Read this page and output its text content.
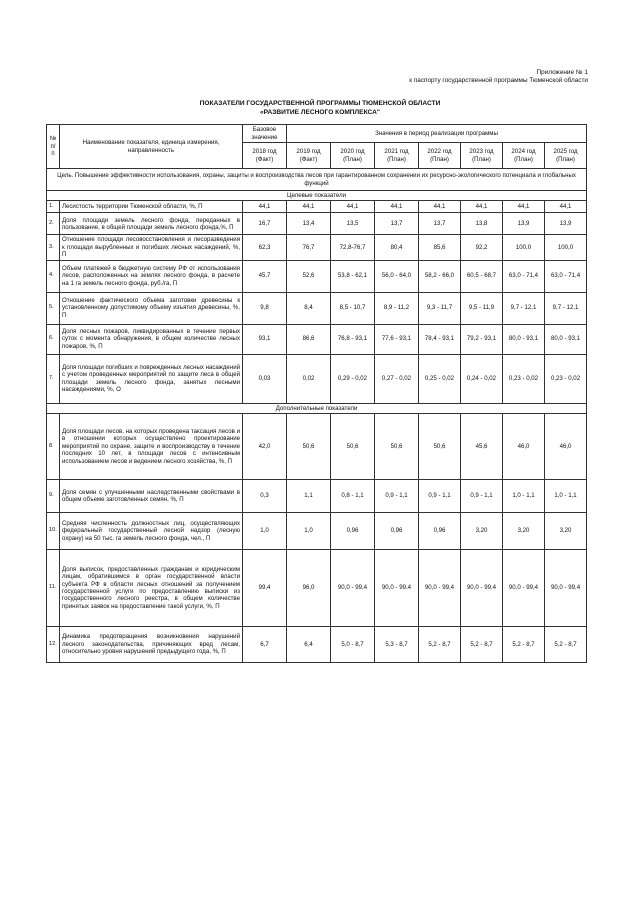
Приложение № 1
к паспорту государственной программы Тюменской области
ПОКАЗАТЕЛИ ГОСУДАРСТВЕННОЙ ПРОГРАММЫ ТЮМЕНСКОЙ ОБЛАСТИ
«РАЗВИТИЕ ЛЕСНОГО КОМПЛЕКСА"
№ п/п	Наименование показателя, единица измерения, направленность	Базовое значение	Значения в период реализации программы						
		2018 год (Факт)	2019 год (Факт)	2020 год (План)	2021 год (План)	2022 год (План)	2023 год (План)	2024 год (План)	2025 год (План)
Цель. Повышение эффективности использования, охраны, защиты и воспроизводства лесов при гарантированном сохранении их ресурсно-экологического потенциала и глобальных функций									
Целевые показатели									
1.	Лесистость территории Тюменской области, %, П	44,1	44,1	44,1	44,1	44,1	44,1	44,1	44,1
2.	Доля площади земель лесного фонда, переданных в пользование, в общей площади земель лесного фонда,%, П	16,7	13,4	13,5	13,7	13,7	13,8	13,9	13,9
3.	Отношение площади лесовосстановления и лесоразведения к площади вырубленных и погибших лесных насаждений, %, П	62,3	76,7	72,8-76,7	80,4	85,6	92,2	100,0	100,0
4.	Объем платежей в бюджетную систему РФ от использования лесов, расположенных на землях лесного фонда, в расчете на 1 га земель лесного фонда, руб./га, П	45,7	52,6	53,8 - 62,1	56,0 - 64,0	58,2 - 66,0	60,5 - 68,7	63,0 - 71,4	63,0 - 71,4
5.	Отношение фактического объема заготовки древесины к установленному допустимому объему изъятия древесины, %, П	9,8	8,4	8,5 - 10,7	8,9 - 11,2	9,3 - 11,7	9,5 - 11,9	9,7 - 12,1	9,7 - 12,1
6.	Доля лесных пожаров, ликвидированных в течение первых суток с момента обнаружения, в общем количестве лесных пожаров, %, П	93,1	86,6	76,8 - 93,1	77,6 - 93,1	78,4 - 93,1	79,2 - 93,1	80,0 - 93,1	80,0 - 93,1
7.	Доля площади погибших и поврежденных лесных насаждений с учетом проведенных мероприятий по защите леса в общей площади земель лесного фонда, занятых лесными насаждениями, %, О	0,03	0,02	0,29 - 0,02	0,27 - 0,02	0,25 - 0,02	0,24 - 0,02	0,23 - 0,02	0,23 - 0,02
Дополнительные показатели									
8.	Доля площади лесов, на которых проведена таксация лесов и в отношении которых осуществлено проектирование мероприятий по охране, защите и воспроизводству в течение последних 10 лет, в площади лесов с интенсивным использованием лесов и ведением лесного хозяйства, %, П	42,0	50,6	50,6	50,6	50,6	45,6	46,0	46,0
9.	Доля семян с улучшенными наследственными свойствами в общем объеме заготовленных семян, %, П	0,3	1,1	0,8 - 1,1	0,9 - 1,1	0,9 - 1,1	0,9 - 1,1	1,0 - 1,1	1,0 - 1,1
10.	Средняя численность должностных лиц, осуществляющих федеральный государственный лесной надзор (лесную охрану) на 50 тыс. га земель лесного фонда, чел., П	1,0	1,0	0,96	0,96	0,96	3,20	3,20	3,20
11.	Доля выписок, предоставленных гражданам и юридическим лицам, обратившимся в орган государственной власти субъекта РФ в области лесных отношений за получением государственной услуги по предоставлению выписки из государственного лесного реестра, в общем количестве принятых заявок на предоставление такой услуги, %, П	99,4	96,0	90,0 - 99,4	90,0 - 99,4	90,0 - 99,4	90,0 - 99,4	90,0 - 99,4	90,0 - 99,4
12.	Динамика предотвращения возникновения нарушений лесного законодательства, причиняющих вред лесам, относительно уровня нарушений предыдущего года, %, П	6,7	6,4	5,0 - 8,7	5,3 - 8,7	5,2 - 8,7	5,2 - 8,7	5,2 - 8,7	5,2 - 8,7
